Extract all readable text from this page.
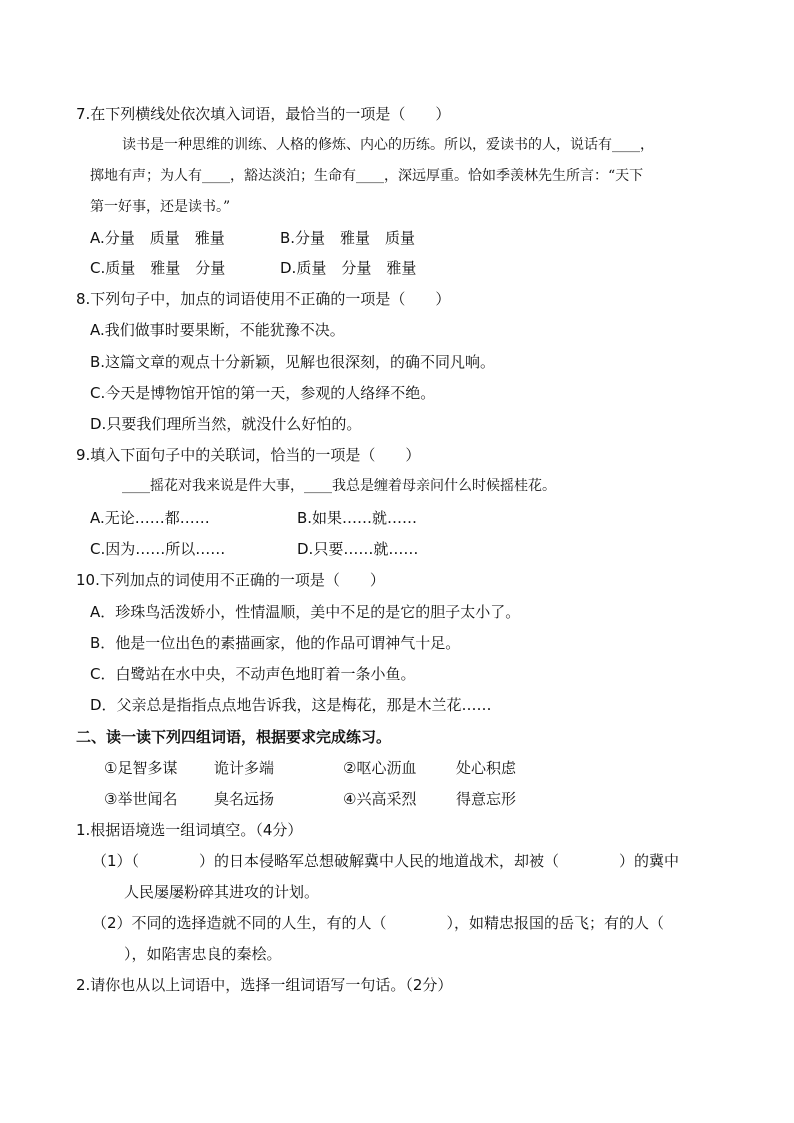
7.在下列横线处依次填入词语，最恰当的一项是（　　）
读书是一种思维的训练、人格的修炼、内心的历练。所以，爱读书的人，说话有____，
掷地有声；为人有____，豁达淡泊；生命有____，深远厚重。恰如季羡林先生所言：“天下
第一好事，还是读书。”
A.分量　质量　雅量	B.分量　雅量　质量
C.质量　雅量　分量	D.质量　分量　雅量
8.下列句子中，加点的词语使用不正确的一项是（　　）
A.我们做事时要果断，不能犹豫不决。
B.这篇文章的观点十分新颖，见解也很深刻，的确不同凡响。
C.今天是博物馆开馆的第一天，参观的人络绎不绝。
D.只要我们理所当然，就没什么好怕的。
9.填入下面句子中的关联词，恰当的一项是（　　）
____摇花对我来说是件大事，____我总是缠着母亲问什么时候摇桂花。
A.无论……都……	B.如果……就……
C.因为……所以……	D.只要……就……
10.下列加点的词使用不正确的一项是（　　）
A．珍珠鸟活泼娇小，性情温顺，美中不足的是它的胆子太小了。
B．他是一位出色的素描画家，他的作品可谓神气十足。
C．白鹭站在水中央，不动声色地盯着一条小鱼。
D．父亲总是指指点点地告诉我，这是梅花，那是木兰花……
二、读一读下列四组词语，根据要求完成练习。
①足智多谋 诡计多端	②呕心沥血	处心积虑
③举世闻名 臭名远扬	④兴高采烈	得意忘形
1.根据语境选一组词填空。（4分）
（1）（　　　　）的日本侵略军总想破解冀中人民的地道战术，却被（　　　　）的冀中
人民屡屡粉碎其进攻的计划。
（2）不同的选择造就不同的人生，有的人（　　　　），如精忠报国的岳飞；有的人（
），如陷害忠良的秦桧。
2.请你也从以上词语中，选择一组词语写一句话。（2分）
